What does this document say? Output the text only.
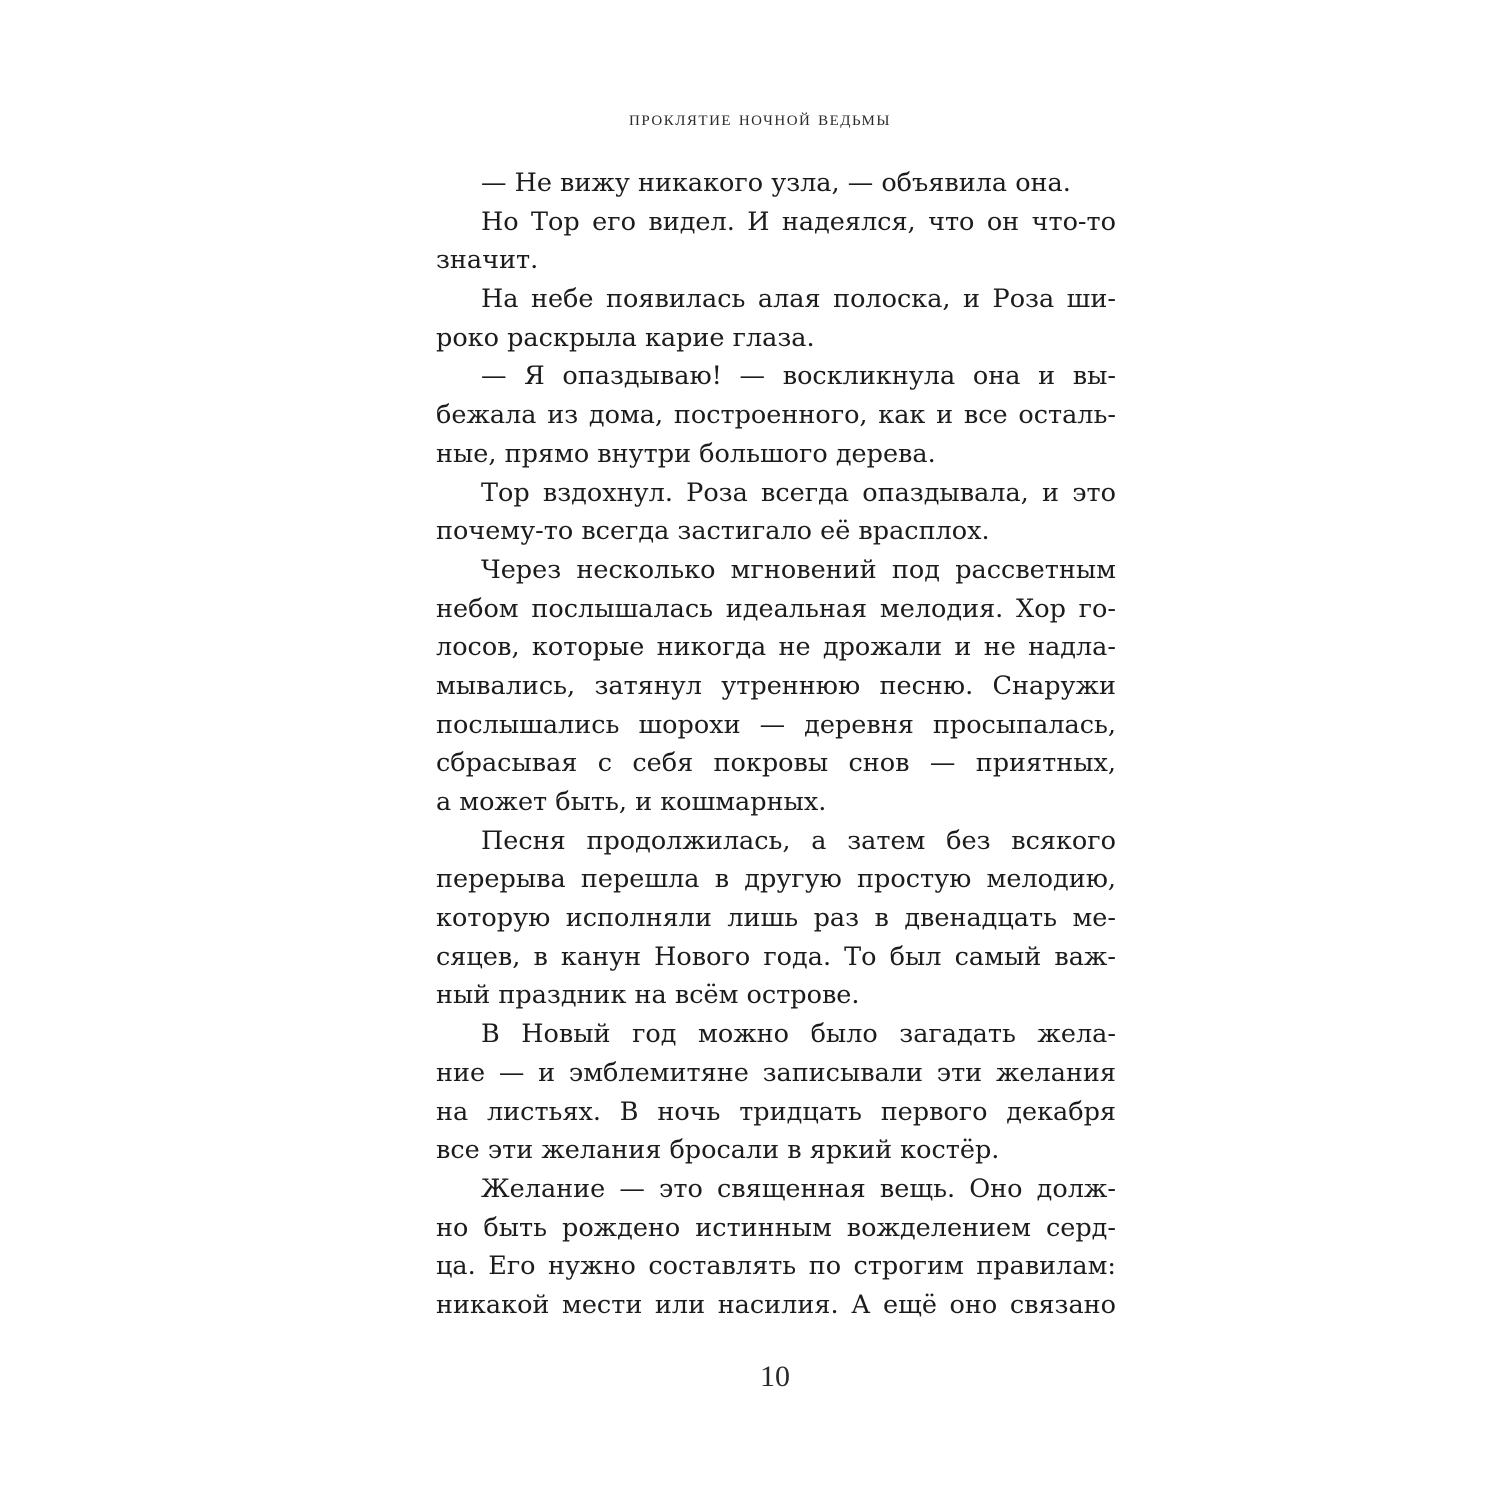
проклятие ночной ведьмы
— Не вижу никакого узла, — объявила она.
Но Тор его видел. И надеялся, что он что-то
значит.
На небе появилась алая полоска, и Роза ши-
роко раскрыла карие глаза.
— Я опаздываю! — воскликнула она и вы-
бежала из дома, построенного, как и все осталь-
ные, прямо внутри большого дерева.
Тор вздохнул. Роза всегда опаздывала, и это
почему-то всегда застигало её врасплох.
Через несколько мгновений под рассветным
небом послышалась идеальная мелодия. Хор го-
лосов, которые никогда не дрожали и не надла-
мывались, затянул утреннюю песню. Снаружи
послышались шорохи — деревня просыпалась,
сбрасывая с себя покровы снов — приятных,
а может быть, и кошмарных.
Песня продолжилась, а затем без всякого
перерыва перешла в другую простую мелодию,
которую исполняли лишь раз в двенадцать ме-
сяцев, в канун Нового года. То был самый важ-
ный праздник на всём острове.
В Новый год можно было загадать жела-
ние — и эмблемитяне записывали эти желания
на листьях. В ночь тридцать первого декабря
все эти желания бросали в яркий костёр.
Желание — это священная вещь. Оно долж-
но быть рождено истинным вожделением серд-
ца. Его нужно составлять по строгим правилам:
никакой мести или насилия. А ещё оно связано
10
